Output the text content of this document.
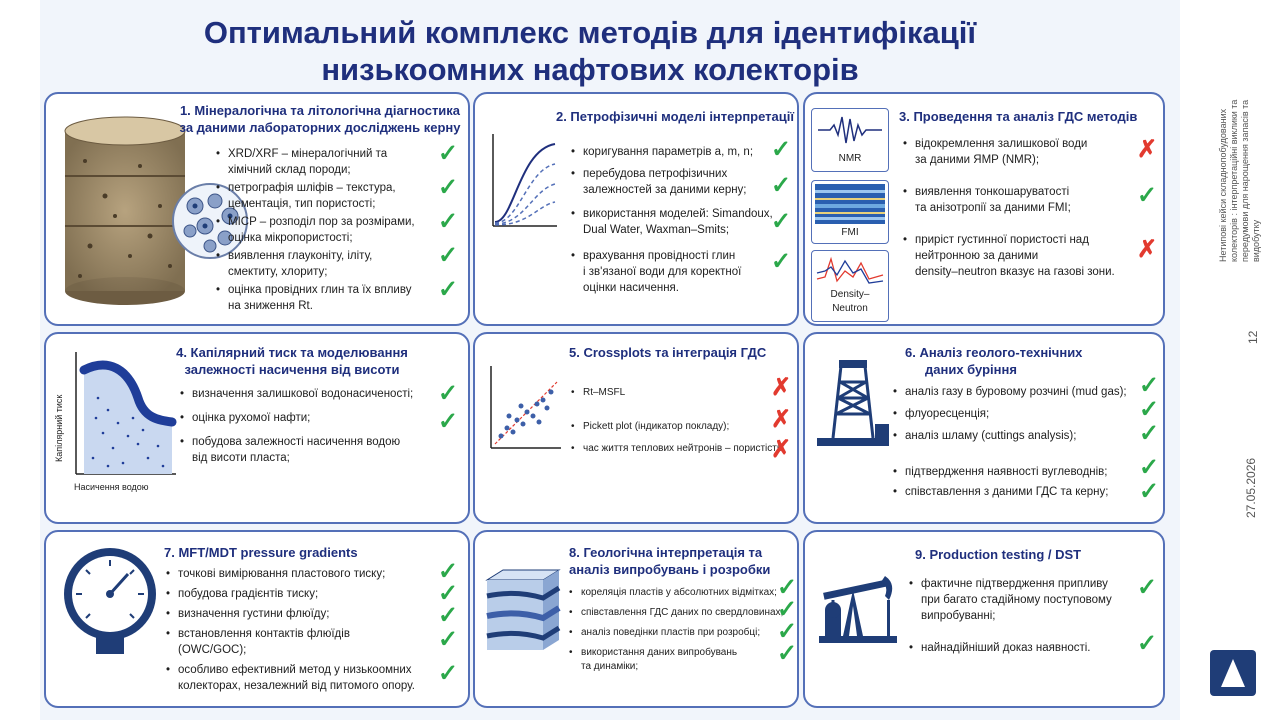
Оптимальний комплекс методів для ідентифікації
низькоомних нафтових колекторів
1. Мінералогічна та літологічна діагностика
за даними лабораторних досліджень керну
• XRD/XRF – мінералогічний та
хімічний склад породи;
• петрографія шліфів – текстура,
цементація, тип пористості;
• MICP – розподіл пор за розмірами,
оцінка мікропористості;
• виявлення глауконіту, іліту,
смектиту, хлориту;
• оцінка провідних глин та їх впливу
на зниження Rt.
✓
✓
✓
✓
✓
2. Петрофізичні моделі інтерпретації
• коригування параметрів a, m, n;
• перебудова петрофізичних
залежностей за даними керну;
• використання моделей: Simandoux,
Dual Water, Waxman–Smits;
• врахування провідності глин
і зв'язаної води для коректної
оцінки насичення.
✓
✓
✓
✓
NMR
FMI
Density–
Neutron
3. Проведення та аналіз ГДС методів
• відокремлення залишкової води
за даними ЯМР (NMR);
• виявлення тонкошаруватості
та анізотропії за даними FMI;
• приріст густинної пористості над
нейтронною за даними
density–neutron вказує на газові зони.
✗
✓
✗
Капілярний тиск
Насичення водою
4. Капілярний тиск та моделювання
залежності насичення від висоти
• визначення залишкової водонасиченості;
• оцінка рухомої нафти;
• побудова залежності насичення водою
від висоти пласта;
✓
✓
5. Crossplots та інтеграція ГДС
• Rt–MSFL
• Pickett plot (індикатор покладу);
• час життя теплових нейтронів – пористість
✗
✗
✗
6. Аналіз геолого-технічних
даних буріння
• аналіз газу в буровому розчині (mud gas);
• флуоресценція;
• аналіз шламу (cuttings analysis);
• підтвердження наявності вуглеводнів;
• співставлення з даними ГДС та керну;
✓
✓
✓
✓
✓
7. MFT/MDT pressure gradients
• точкові вимірювання пластового тиску;
• побудова градієнтів тиску;
• визначення густини флюїду;
• встановлення контактів флюїдів
(OWC/GOC);
• особливо ефективний метод у низькоомних
колекторах, незалежний від питомого опору.
✓
✓
✓
✓
✓
8. Геологічна інтерпретація та
аналіз випробувань і розробки
• кореляція пластів у абсолютних відмітках;
• співставлення ГДС даних по свердловинах;
• аналіз поведінки пластів при розробці;
• використання даних випробувань
та динаміки;
✓
✓
✓
✓
9. Production testing / DST
• фактичне підтвердження припливу
при багато стадійному поступовому
випробуванні;
• найнадійніший доказ наявності.
✓
✓
Нетипові кейси складнопобудованих колекторів : інтерпретаційні виклики та передумови для нарощення запасів та видобутку
12
27.05.2026
